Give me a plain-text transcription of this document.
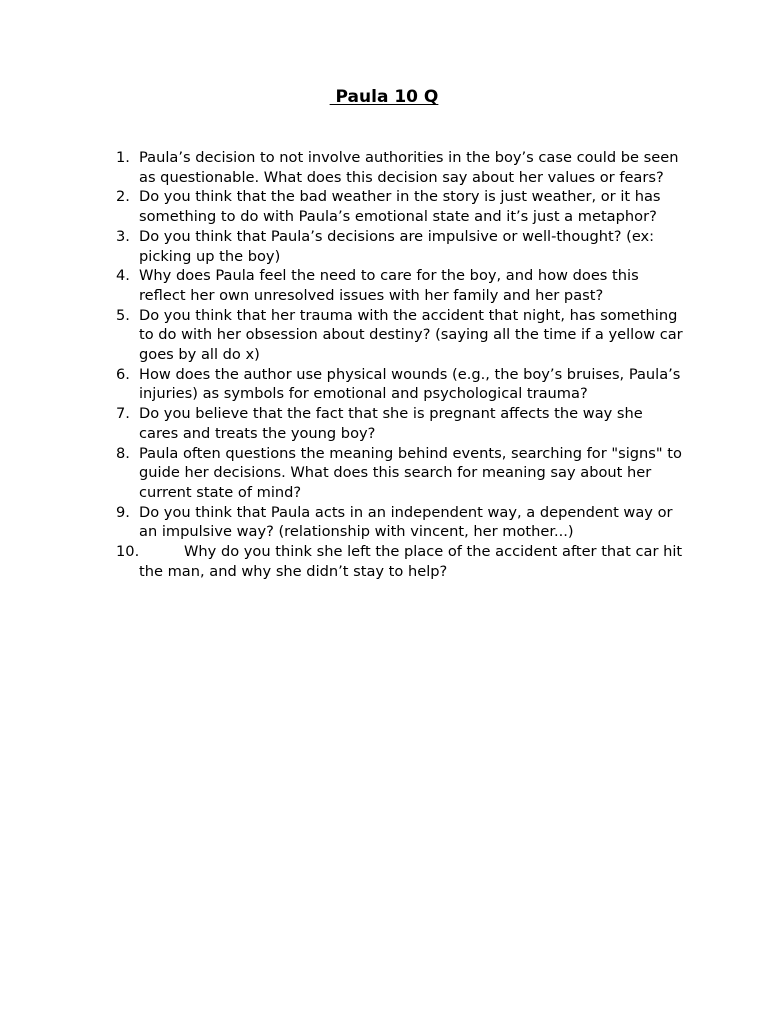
Paula 10 Q
1. Paula’s decision to not involve authorities in the boy’s case could be seen as questionable. What does this decision say about her values or fears?
2. Do you think that the bad weather in the story is just weather, or it has something to do with Paula’s emotional state and it’s just a metaphor?
3. Do you think that Paula’s decisions are impulsive or well-thought? (ex: picking up the boy)
4. Why does Paula feel the need to care for the boy, and how does this reflect her own unresolved issues with her family and her past?
5. Do you think that her trauma with the accident that night, has something to do with her obsession about destiny? (saying all the time if a yellow car goes by all do x)
6. How does the author use physical wounds (e.g., the boy’s bruises, Paula’s injuries) as symbols for emotional and psychological trauma?
7. Do you believe that the fact that she is pregnant affects the way she cares and treats the young boy?
8. Paula often questions the meaning behind events, searching for "signs" to guide her decisions. What does this search for meaning say about her current state of mind?
9. Do you think that Paula acts in an independent way, a dependent way or an impulsive way? (relationship with vincent, her mother...)
10.	Why do you think she left the place of the accident after that car hit the man, and why she didn’t stay to help?
